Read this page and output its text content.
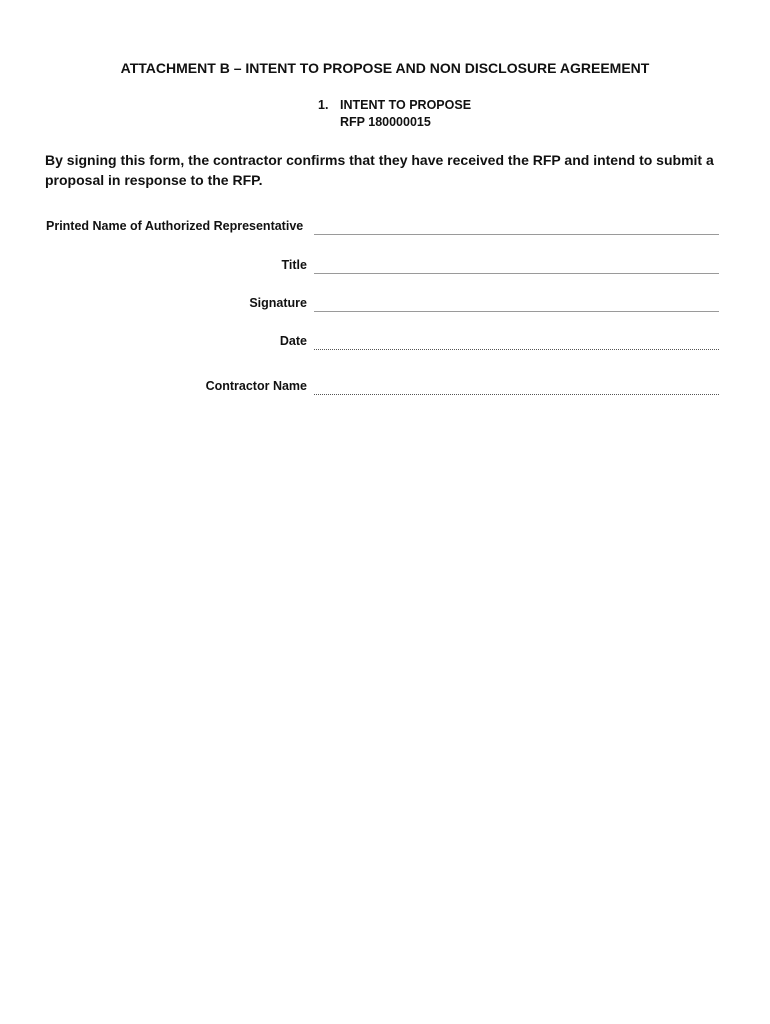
ATTACHMENT B – INTENT TO PROPOSE AND NON DISCLOSURE AGREEMENT
1. INTENT TO PROPOSE
RFP 180000015
By signing this form, the contractor confirms that they have received the RFP and intend to submit a proposal in response to the RFP.
Printed Name of Authorized Representative
Title
Signature
Date
Contractor Name
